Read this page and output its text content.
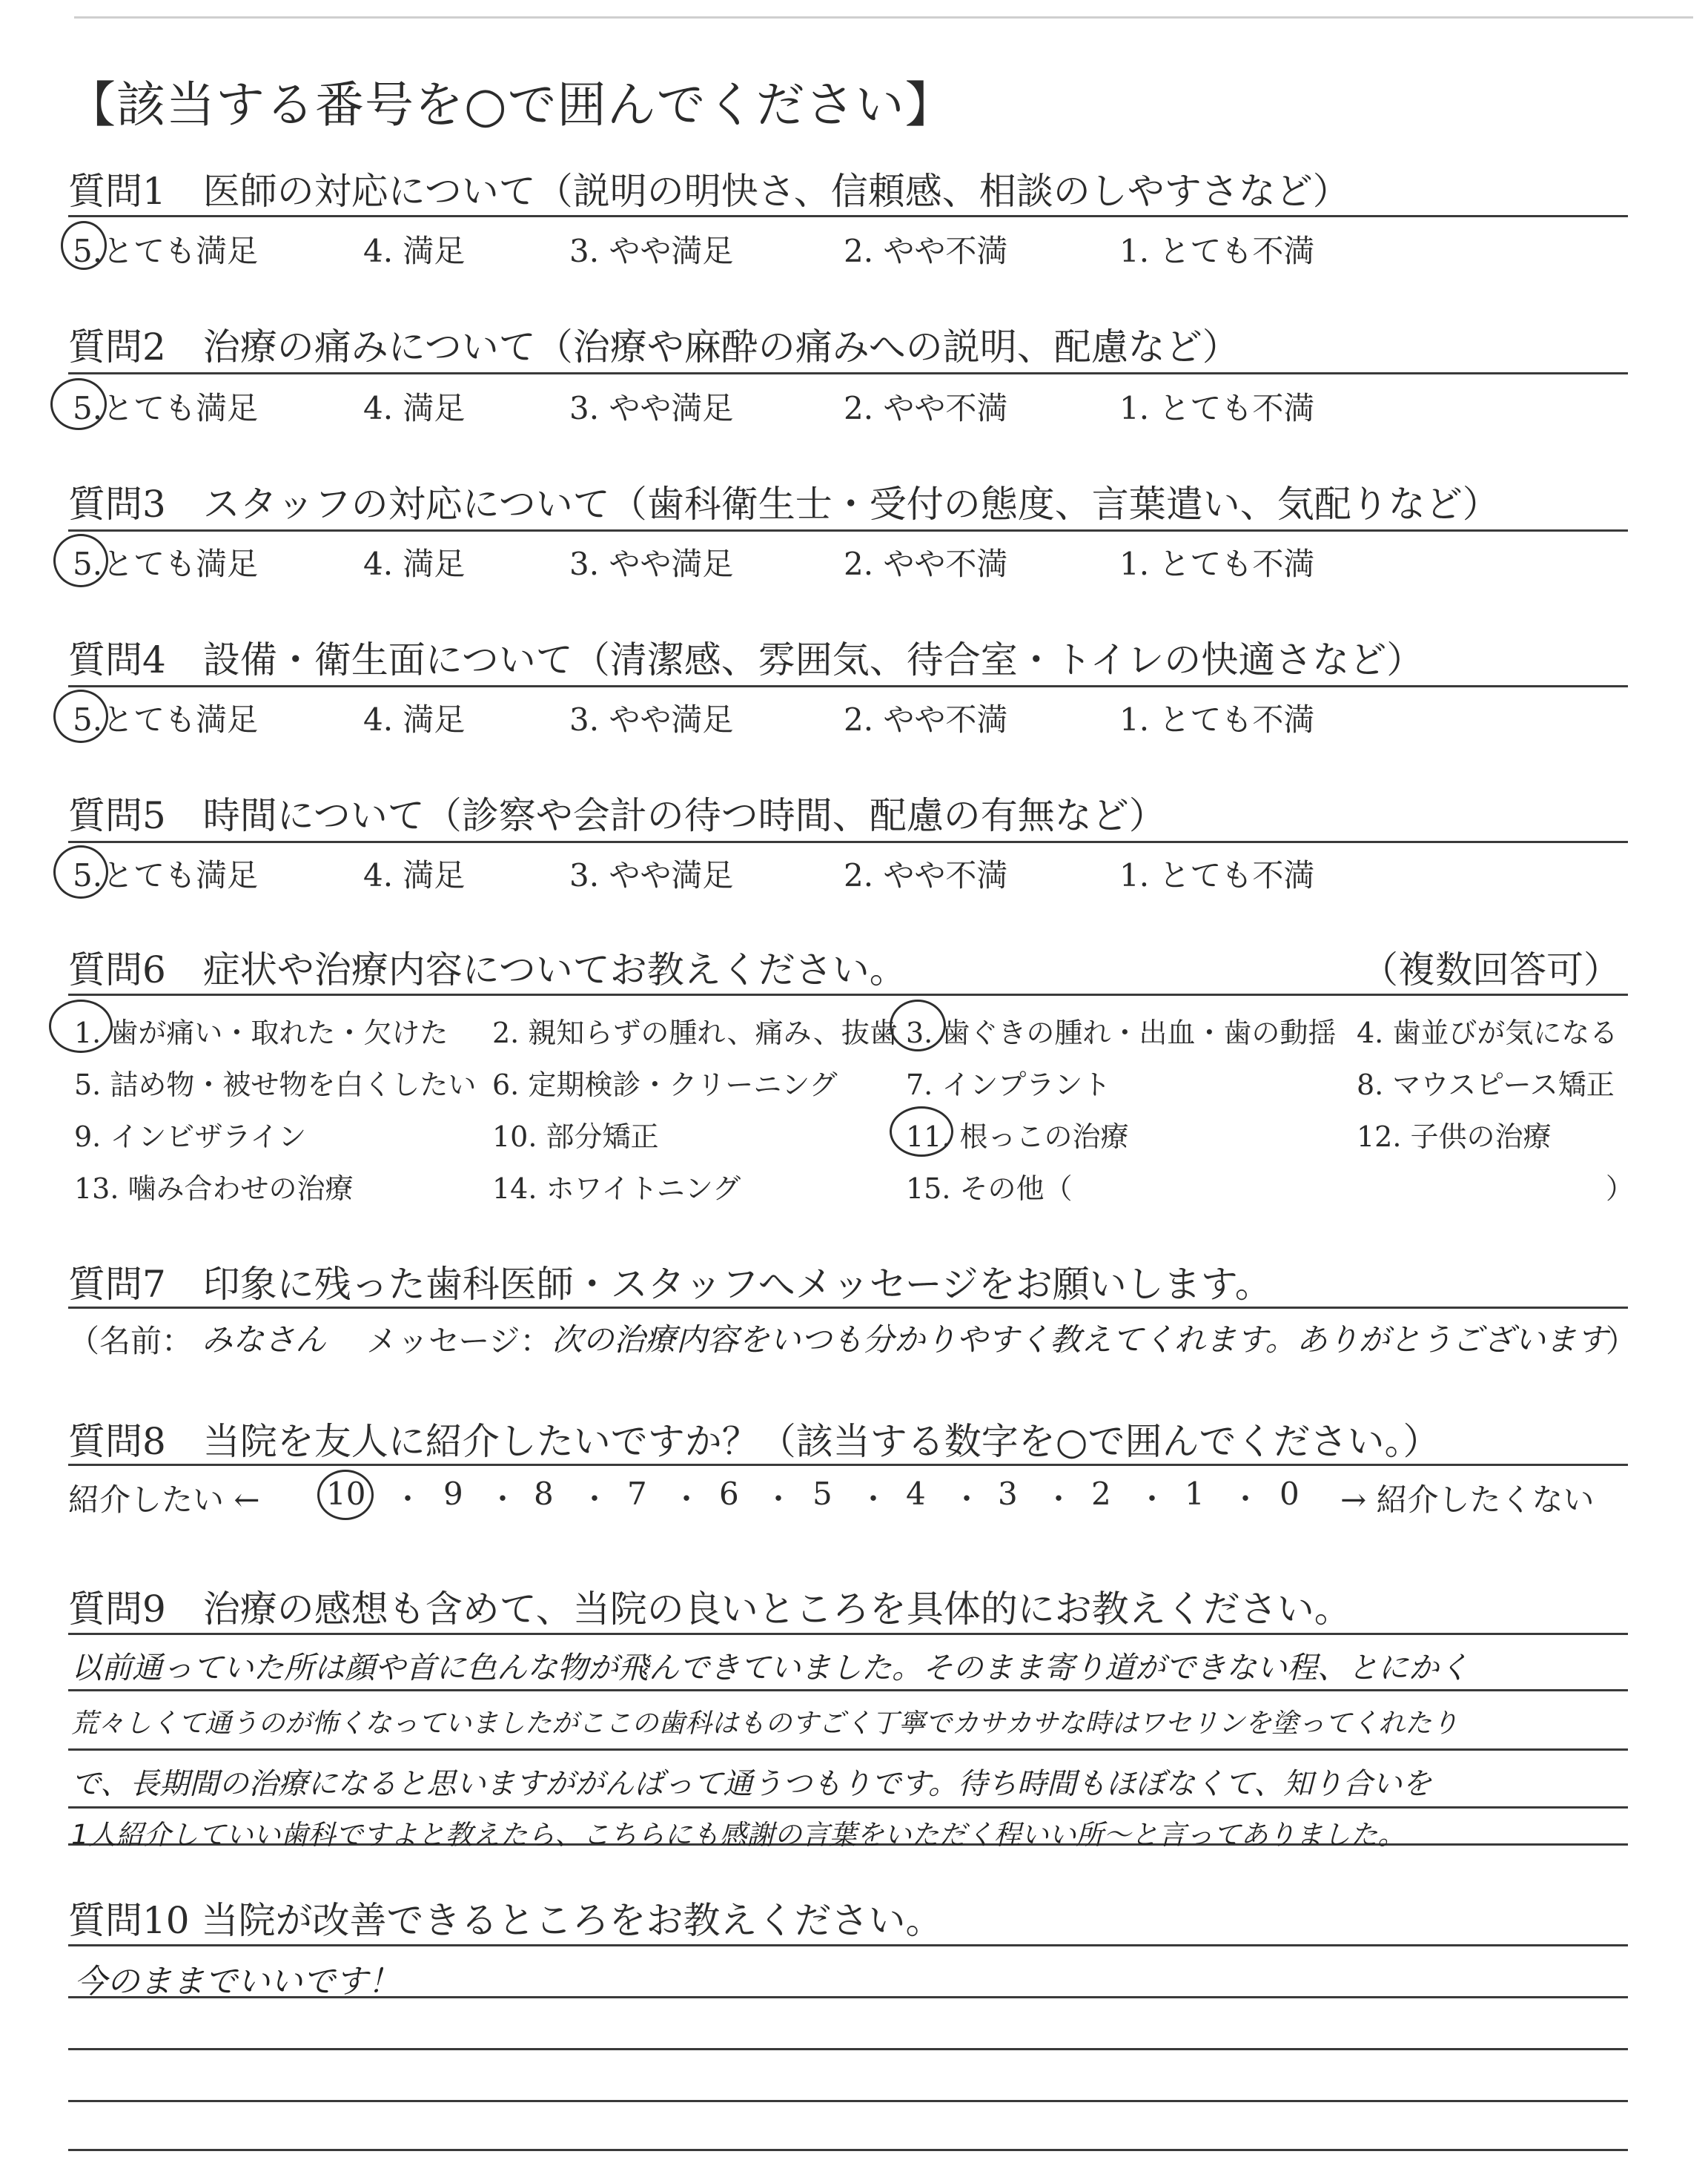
【該当する番号を○で囲んでください】
質問1　医師の対応について（説明の明快さ、信頼感、相談のしやすさなど）
5.とても満足	4. 満足	3. やや満足	2. やや不満	1. とても不満
質問2　治療の痛みについて（治療や麻酔の痛みへの説明、配慮など）
5.とても満足	4. 満足	3. やや満足	2. やや不満	1. とても不満
質問3　スタッフの対応について（歯科衛生士・受付の態度、言葉遣い、気配りなど）
5.とても満足	4. 満足	3. やや満足	2. やや不満	1. とても不満
質問4　設備・衛生面について（清潔感、雰囲気、待合室・トイレの快適さなど）
5.とても満足	4. 満足	3. やや満足	2. やや不満	1. とても不満
質問5　時間について（診察や会計の待つ時間、配慮の有無など）
5.とても満足	4. 満足	3. やや満足	2. やや不満	1. とても不満
質問6　症状や治療内容についてお教えください。	（複数回答可）
1. 歯が痛い・取れた・欠けた 2. 親知らずの腫れ、痛み、抜歯 3. 歯ぐきの腫れ・出血・歯の動揺 4. 歯並びが気になる
5. 詰め物・被せ物を白くしたい 6. 定期検診・クリーニング 7. インプラント	8. マウスピース矯正
9. インビザライン	10. 部分矯正	11. 根っこの治療	12. 子供の治療
13. 噛み合わせの治療	14. ホワイトニング	15. その他（	）
質問7　印象に残った歯科医師・スタッフへメッセージをお願いします。
（名前： みなさん メッセージ： 次の治療内容をいつも分かりやすく教えてくれます。ありがとうございます
）
質問8　当院を友人に紹介したいですか？（該当する数字を○で囲んでください。）
紹介したい ← 10 ・ 9 ・ 8 ・ 7 ・ 6 ・ 5 ・ 4 ・ 3 ・ 2 ・ 1 ・ 0 → 紹介したくない
質問9　治療の感想も含めて、当院の良いところを具体的にお教えください。
以前通っていた所は顔や首に色んな物が飛んできていました。そのまま寄り道ができない程、とにかく
荒々しくて通うのが怖くなっていましたがここの歯科はものすごく丁寧でカサカサな時はワセリンを塗ってくれたり
で、長期間の治療になると思いますががんばって通うつもりです。待ち時間もほぼなくて、知り合いを
1人紹介していい歯科ですよと教えたら、こちらにも感謝の言葉をいただく程いい所〜と言ってありました。
質問10 当院が改善できるところをお教えください。
今のままでいいです！
